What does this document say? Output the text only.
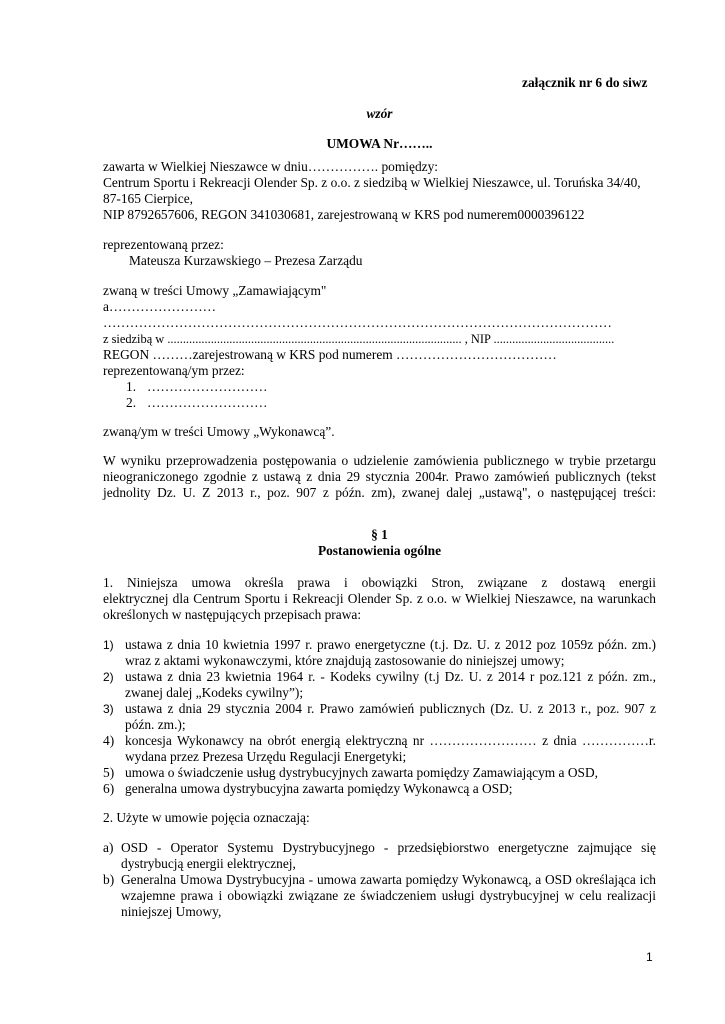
załącznik nr 6 do siwz
wzór
UMOWA Nr……..
zawarta w Wielkiej Nieszawce w dniu……………. pomiędzy:
Centrum Sportu i Rekreacji Olender Sp. z o.o. z siedzibą w Wielkiej Nieszawce, ul. Toruńska 34/40,
87-165 Cierpice,
NIP 8792657606, REGON 341030681, zarejestrowaną w KRS pod numerem0000396122
reprezentowaną przez:
Mateusza Kurzawskiego – Prezesa Zarządu
zwaną w treści Umowy „Zamawiającym"
a……………………
……………………………………………………………………………………………………
z siedzibą w ............................................................................................... , NIP .......................................
REGON ………zarejestrowaną w KRS pod numerem ………………………………
reprezentowaną/ym przez:
1. ………………………
2. ………………………
zwaną/ym w treści Umowy „Wykonawcą”.
W wyniku przeprowadzenia postępowania o udzielenie zamówienia publicznego w trybie przetargu
nieograniczonego zgodnie z ustawą z dnia 29 stycznia 2004r. Prawo zamówień publicznych (tekst
jednolity Dz. U. Z 2013 r., poz. 907 z późn. zm), zwanej dalej „ustawą", o następującej treści:
§ 1
Postanowienia ogólne
1. Niniejsza umowa określa prawa i obowiązki Stron, związane z dostawą energii
elektrycznej dla Centrum Sportu i Rekreacji Olender Sp. z o.o. w Wielkiej Nieszawce, na warunkach
określonych w następujących przepisach prawa:
1) ustawa z dnia 10 kwietnia 1997 r. prawo energetyczne (t.j. Dz. U. z 2012 poz 1059z późn. zm.)
wraz z aktami wykonawczymi, które znajdują zastosowanie do niniejszej umowy;
2) ustawa z dnia 23 kwietnia 1964 r. - Kodeks cywilny (t.j Dz. U. z 2014 r poz.121 z późn. zm.,
zwanej dalej „Kodeks cywilny”);
3) ustawa z dnia 29 stycznia 2004 r. Prawo zamówień publicznych (Dz. U. z 2013 r., poz. 907 z
późn. zm.);
4) koncesja Wykonawcy na obrót energią elektryczną nr …………………… z dnia ……………r.
wydana przez Prezesa Urzędu Regulacji Energetyki;
5) umowa o świadczenie usług dystrybucyjnych zawarta pomiędzy Zamawiającym a OSD,
6) generalna umowa dystrybucyjna zawarta pomiędzy Wykonawcą a OSD;
2. Użyte w umowie pojęcia oznaczają:
a) OSD - Operator Systemu Dystrybucyjnego - przedsiębiorstwo energetyczne zajmujące się
dystrybucją energii elektrycznej,
b) Generalna Umowa Dystrybucyjna - umowa zawarta pomiędzy Wykonawcą, a OSD określająca ich
wzajemne prawa i obowiązki związane ze świadczeniem usługi dystrybucyjnej w celu realizacji
niniejszej Umowy,
1
